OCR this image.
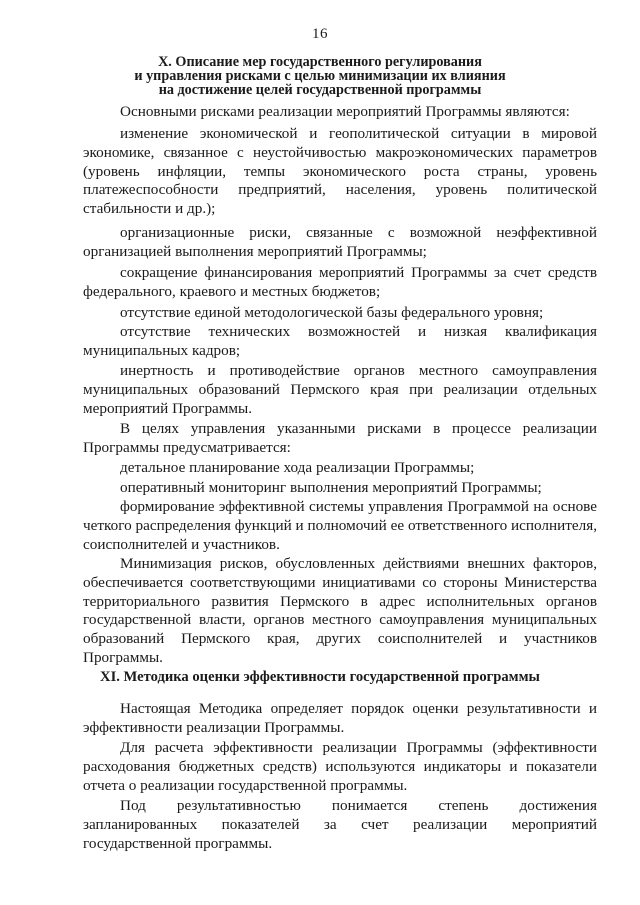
16
X. Описание мер государственного регулирования
и управления рисками с целью минимизации их влияния
на достижение целей государственной программы

Основными рисками реализации мероприятий Программы являются:

изменение экономической и геополитической ситуации в мировой экономике, связанное с неустойчивостью макроэкономических параметров (уровень инфляции, темпы экономического роста страны, уровень платежеспособности предприятий, населения, уровень политической стабильности и др.);

организационные риски, связанные с возможной неэффективной организацией выполнения мероприятий Программы;

сокращение финансирования мероприятий Программы за счет средств федерального, краевого и местных бюджетов;

отсутствие единой методологической базы федерального уровня;

отсутствие технических возможностей и низкая квалификация муниципальных кадров;

инертность и противодействие органов местного самоуправления муниципальных образований Пермского края при реализации отдельных мероприятий Программы.

В целях управления указанными рисками в процессе реализации Программы предусматривается:

детальное планирование хода реализации Программы;

оперативный мониторинг выполнения мероприятий Программы;

формирование эффективной системы управления Программой на основе четкого распределения функций и полномочий ее ответственного исполнителя, соисполнителей и участников.

Минимизация рисков, обусловленных действиями внешних факторов, обеспечивается соответствующими инициативами со стороны Министерства территориального развития Пермского в адрес исполнительных органов государственной власти, органов местного самоуправления муниципальных образований Пермского края, других соисполнителей и участников Программы.

XI. Методика оценки эффективности государственной программы

Настоящая Методика определяет порядок оценки результативности и эффективности реализации Программы.

Для расчета эффективности реализации Программы (эффективности расходования бюджетных средств) используются индикаторы и показатели отчета о реализации государственной программы.

Под результативностью понимается степень достижения запланированных показателей за счет реализации мероприятий государственной программы.
